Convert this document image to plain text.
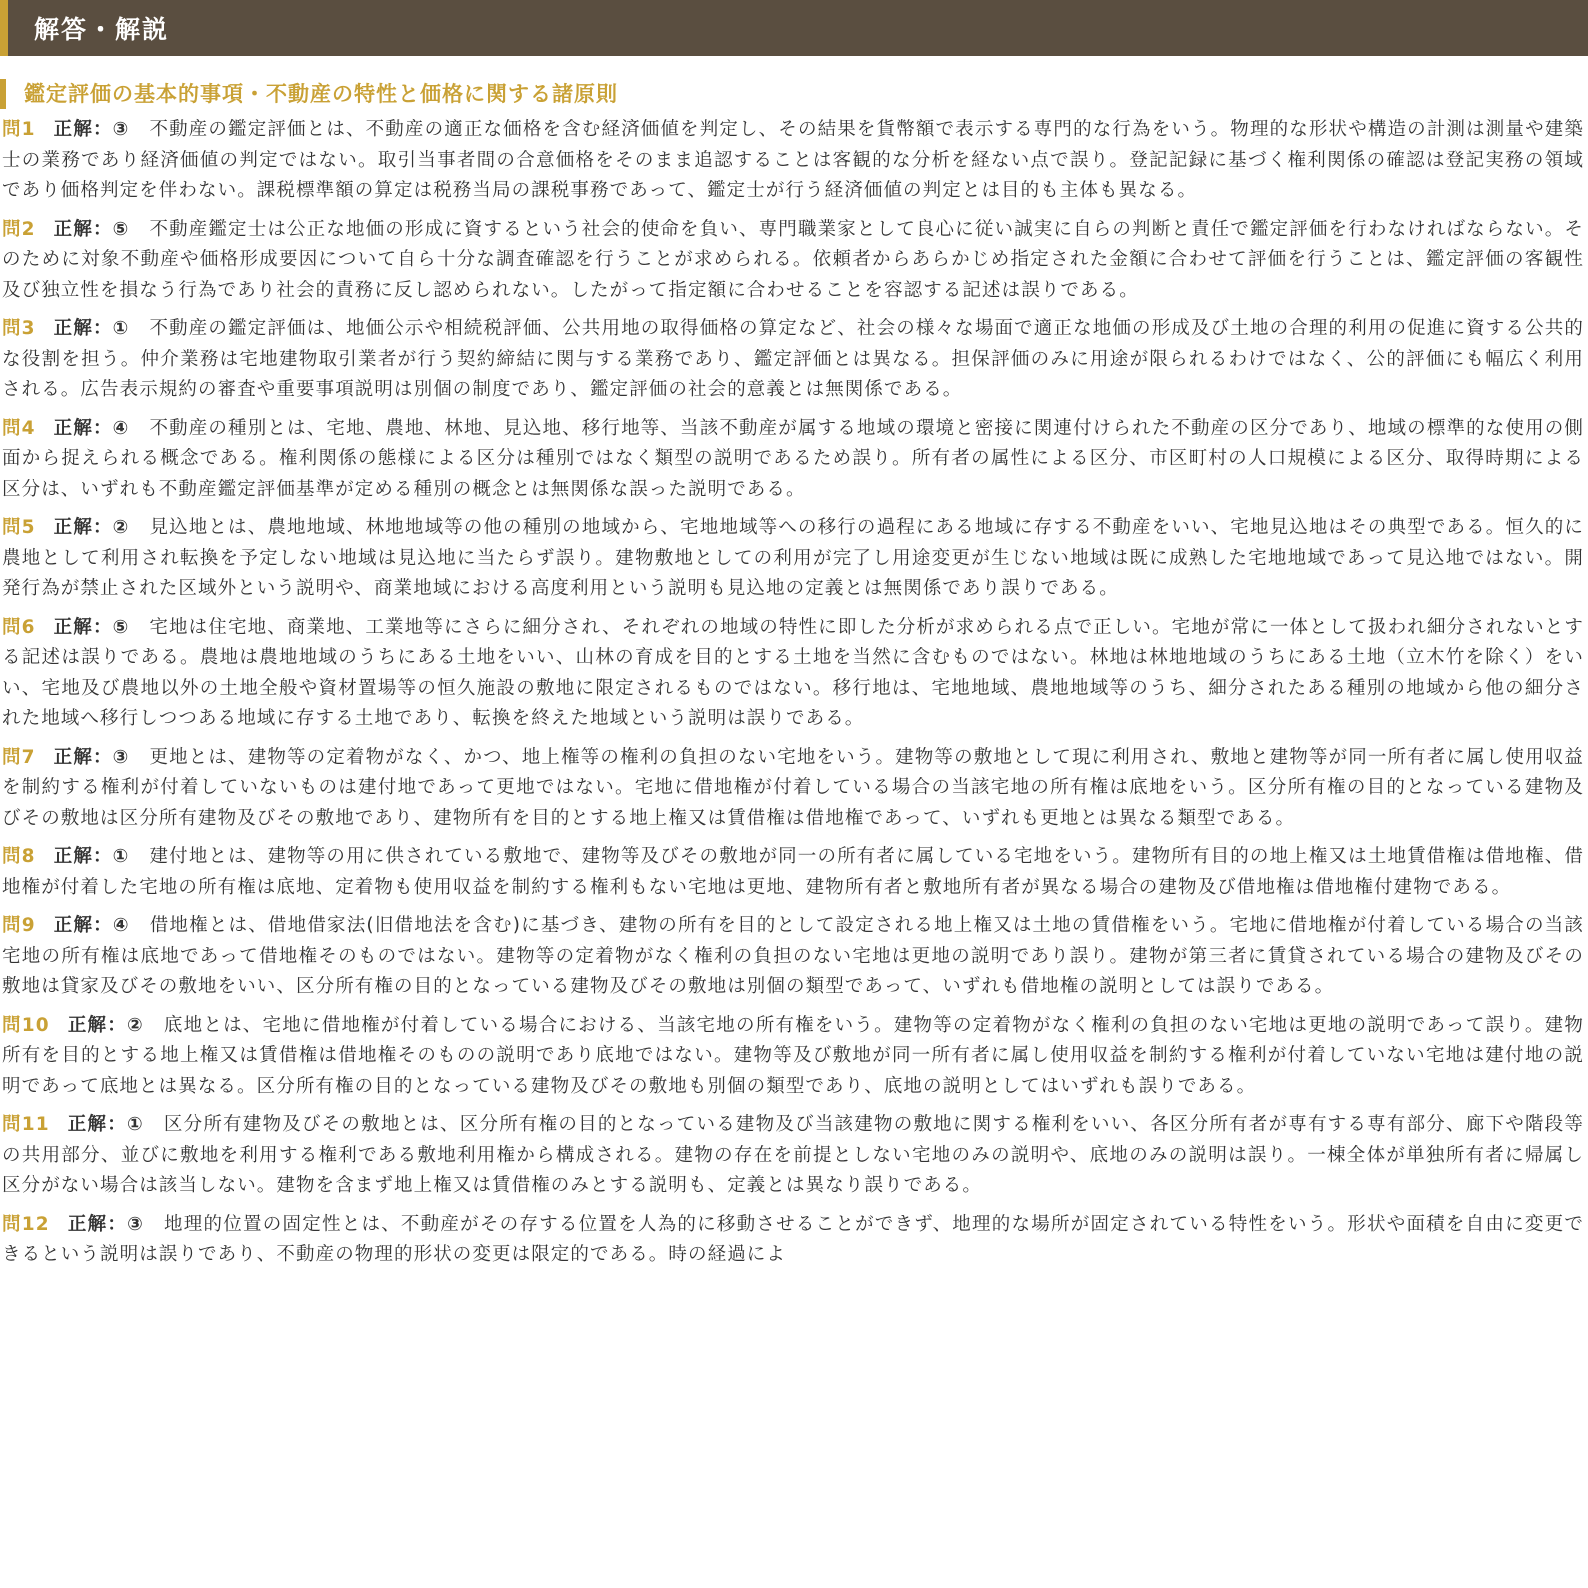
解答・解説
鑑定評価の基本的事項・不動産の特性と価格に関する諸原則
問1 正解：③ 不動産の鑑定評価とは、不動産の適正な価格を含む経済価値を判定し、その結果を貨幣額で表示する専門的な行為をいう。物理的な形状や構造の計測は測量や建築士の業務であり経済価値の判定ではない。取引当事者間の合意価格をそのまま追認することは客観的な分析を経ない点で誤り。登記記録に基づく権利関係の確認は登記実務の領域であり価格判定を伴わない。課税標準額の算定は税務当局の課税事務であって、鑑定士が行う経済価値の判定とは目的も主体も異なる。
問2 正解：⑤ 不動産鑑定士は公正な地価の形成に資するという社会的使命を負い、専門職業家として良心に従い誠実に自らの判断と責任で鑑定評価を行わなければならない。そのために対象不動産や価格形成要因について自ら十分な調査確認を行うことが求められる。依頼者からあらかじめ指定された金額に合わせて評価を行うことは、鑑定評価の客観性及び独立性を損なう行為であり社会的責務に反し認められない。したがって指定額に合わせることを容認する記述は誤りである。
問3 正解：① 不動産の鑑定評価は、地価公示や相続税評価、公共用地の取得価格の算定など、社会の様々な場面で適正な地価の形成及び土地の合理的利用の促進に資する公共的な役割を担う。仲介業務は宅地建物取引業者が行う契約締結に関与する業務であり、鑑定評価とは異なる。担保評価のみに用途が限られるわけではなく、公的評価にも幅広く利用される。広告表示規約の審査や重要事項説明は別個の制度であり、鑑定評価の社会的意義とは無関係である。
問4 正解：④ 不動産の種別とは、宅地、農地、林地、見込地、移行地等、当該不動産が属する地域の環境と密接に関連付けられた不動産の区分であり、地域の標準的な使用の側面から捉えられる概念である。権利関係の態様による区分は種別ではなく類型の説明であるため誤り。所有者の属性による区分、市区町村の人口規模による区分、取得時期による区分は、いずれも不動産鑑定評価基準が定める種別の概念とは無関係な誤った説明である。
問5 正解：② 見込地とは、農地地域、林地地域等の他の種別の地域から、宅地地域等への移行の過程にある地域に存する不動産をいい、宅地見込地はその典型である。恒久的に農地として利用され転換を予定しない地域は見込地に当たらず誤り。建物敷地としての利用が完了し用途変更が生じない地域は既に成熟した宅地地域であって見込地ではない。開発行為が禁止された区域外という説明や、商業地域における高度利用という説明も見込地の定義とは無関係であり誤りである。
問6 正解：⑤ 宅地は住宅地、商業地、工業地等にさらに細分され、それぞれの地域の特性に即した分析が求められる点で正しい。宅地が常に一体として扱われ細分されないとする記述は誤りである。農地は農地地域のうちにある土地をいい、山林の育成を目的とする土地を当然に含むものではない。林地は林地地域のうちにある土地（立木竹を除く）をいい、宅地及び農地以外の土地全般や資材置場等の恒久施設の敷地に限定されるものではない。移行地は、宅地地域、農地地域等のうち、細分されたある種別の地域から他の細分された地域へ移行しつつある地域に存する土地であり、転換を終えた地域という説明は誤りである。
問7 正解：③ 更地とは、建物等の定着物がなく、かつ、地上権等の権利の負担のない宅地をいう。建物等の敷地として現に利用され、敷地と建物等が同一所有者に属し使用収益を制約する権利が付着していないものは建付地であって更地ではない。宅地に借地権が付着している場合の当該宅地の所有権は底地をいう。区分所有権の目的となっている建物及びその敷地は区分所有建物及びその敷地であり、建物所有を目的とする地上権又は賃借権は借地権であって、いずれも更地とは異なる類型である。
問8 正解：① 建付地とは、建物等の用に供されている敷地で、建物等及びその敷地が同一の所有者に属している宅地をいう。建物所有目的の地上権又は土地賃借権は借地権、借地権が付着した宅地の所有権は底地、定着物も使用収益を制約する権利もない宅地は更地、建物所有者と敷地所有者が異なる場合の建物及び借地権は借地権付建物である。
問9 正解：④ 借地権とは、借地借家法(旧借地法を含む)に基づき、建物の所有を目的として設定される地上権又は土地の賃借権をいう。宅地に借地権が付着している場合の当該宅地の所有権は底地であって借地権そのものではない。建物等の定着物がなく権利の負担のない宅地は更地の説明であり誤り。建物が第三者に賃貸されている場合の建物及びその敷地は貸家及びその敷地をいい、区分所有権の目的となっている建物及びその敷地は別個の類型であって、いずれも借地権の説明としては誤りである。
問10 正解：② 底地とは、宅地に借地権が付着している場合における、当該宅地の所有権をいう。建物等の定着物がなく権利の負担のない宅地は更地の説明であって誤り。建物所有を目的とする地上権又は賃借権は借地権そのものの説明であり底地ではない。建物等及び敷地が同一所有者に属し使用収益を制約する権利が付着していない宅地は建付地の説明であって底地とは異なる。区分所有権の目的となっている建物及びその敷地も別個の類型であり、底地の説明としてはいずれも誤りである。
問11 正解：① 区分所有建物及びその敷地とは、区分所有権の目的となっている建物及び当該建物の敷地に関する権利をいい、各区分所有者が専有する専有部分、廊下や階段等の共用部分、並びに敷地を利用する権利である敷地利用権から構成される。建物の存在を前提としない宅地のみの説明や、底地のみの説明は誤り。一棟全体が単独所有者に帰属し区分がない場合は該当しない。建物を含まず地上権又は賃借権のみとする説明も、定義とは異なり誤りである。
問12 正解：③ 地理的位置の固定性とは、不動産がその存する位置を人為的に移動させることができず、地理的な場所が固定されている特性をいう。形状や面積を自由に変更できるという説明は誤りであり、不動産の物理的形状の変更は限定的である。時の経過によ
